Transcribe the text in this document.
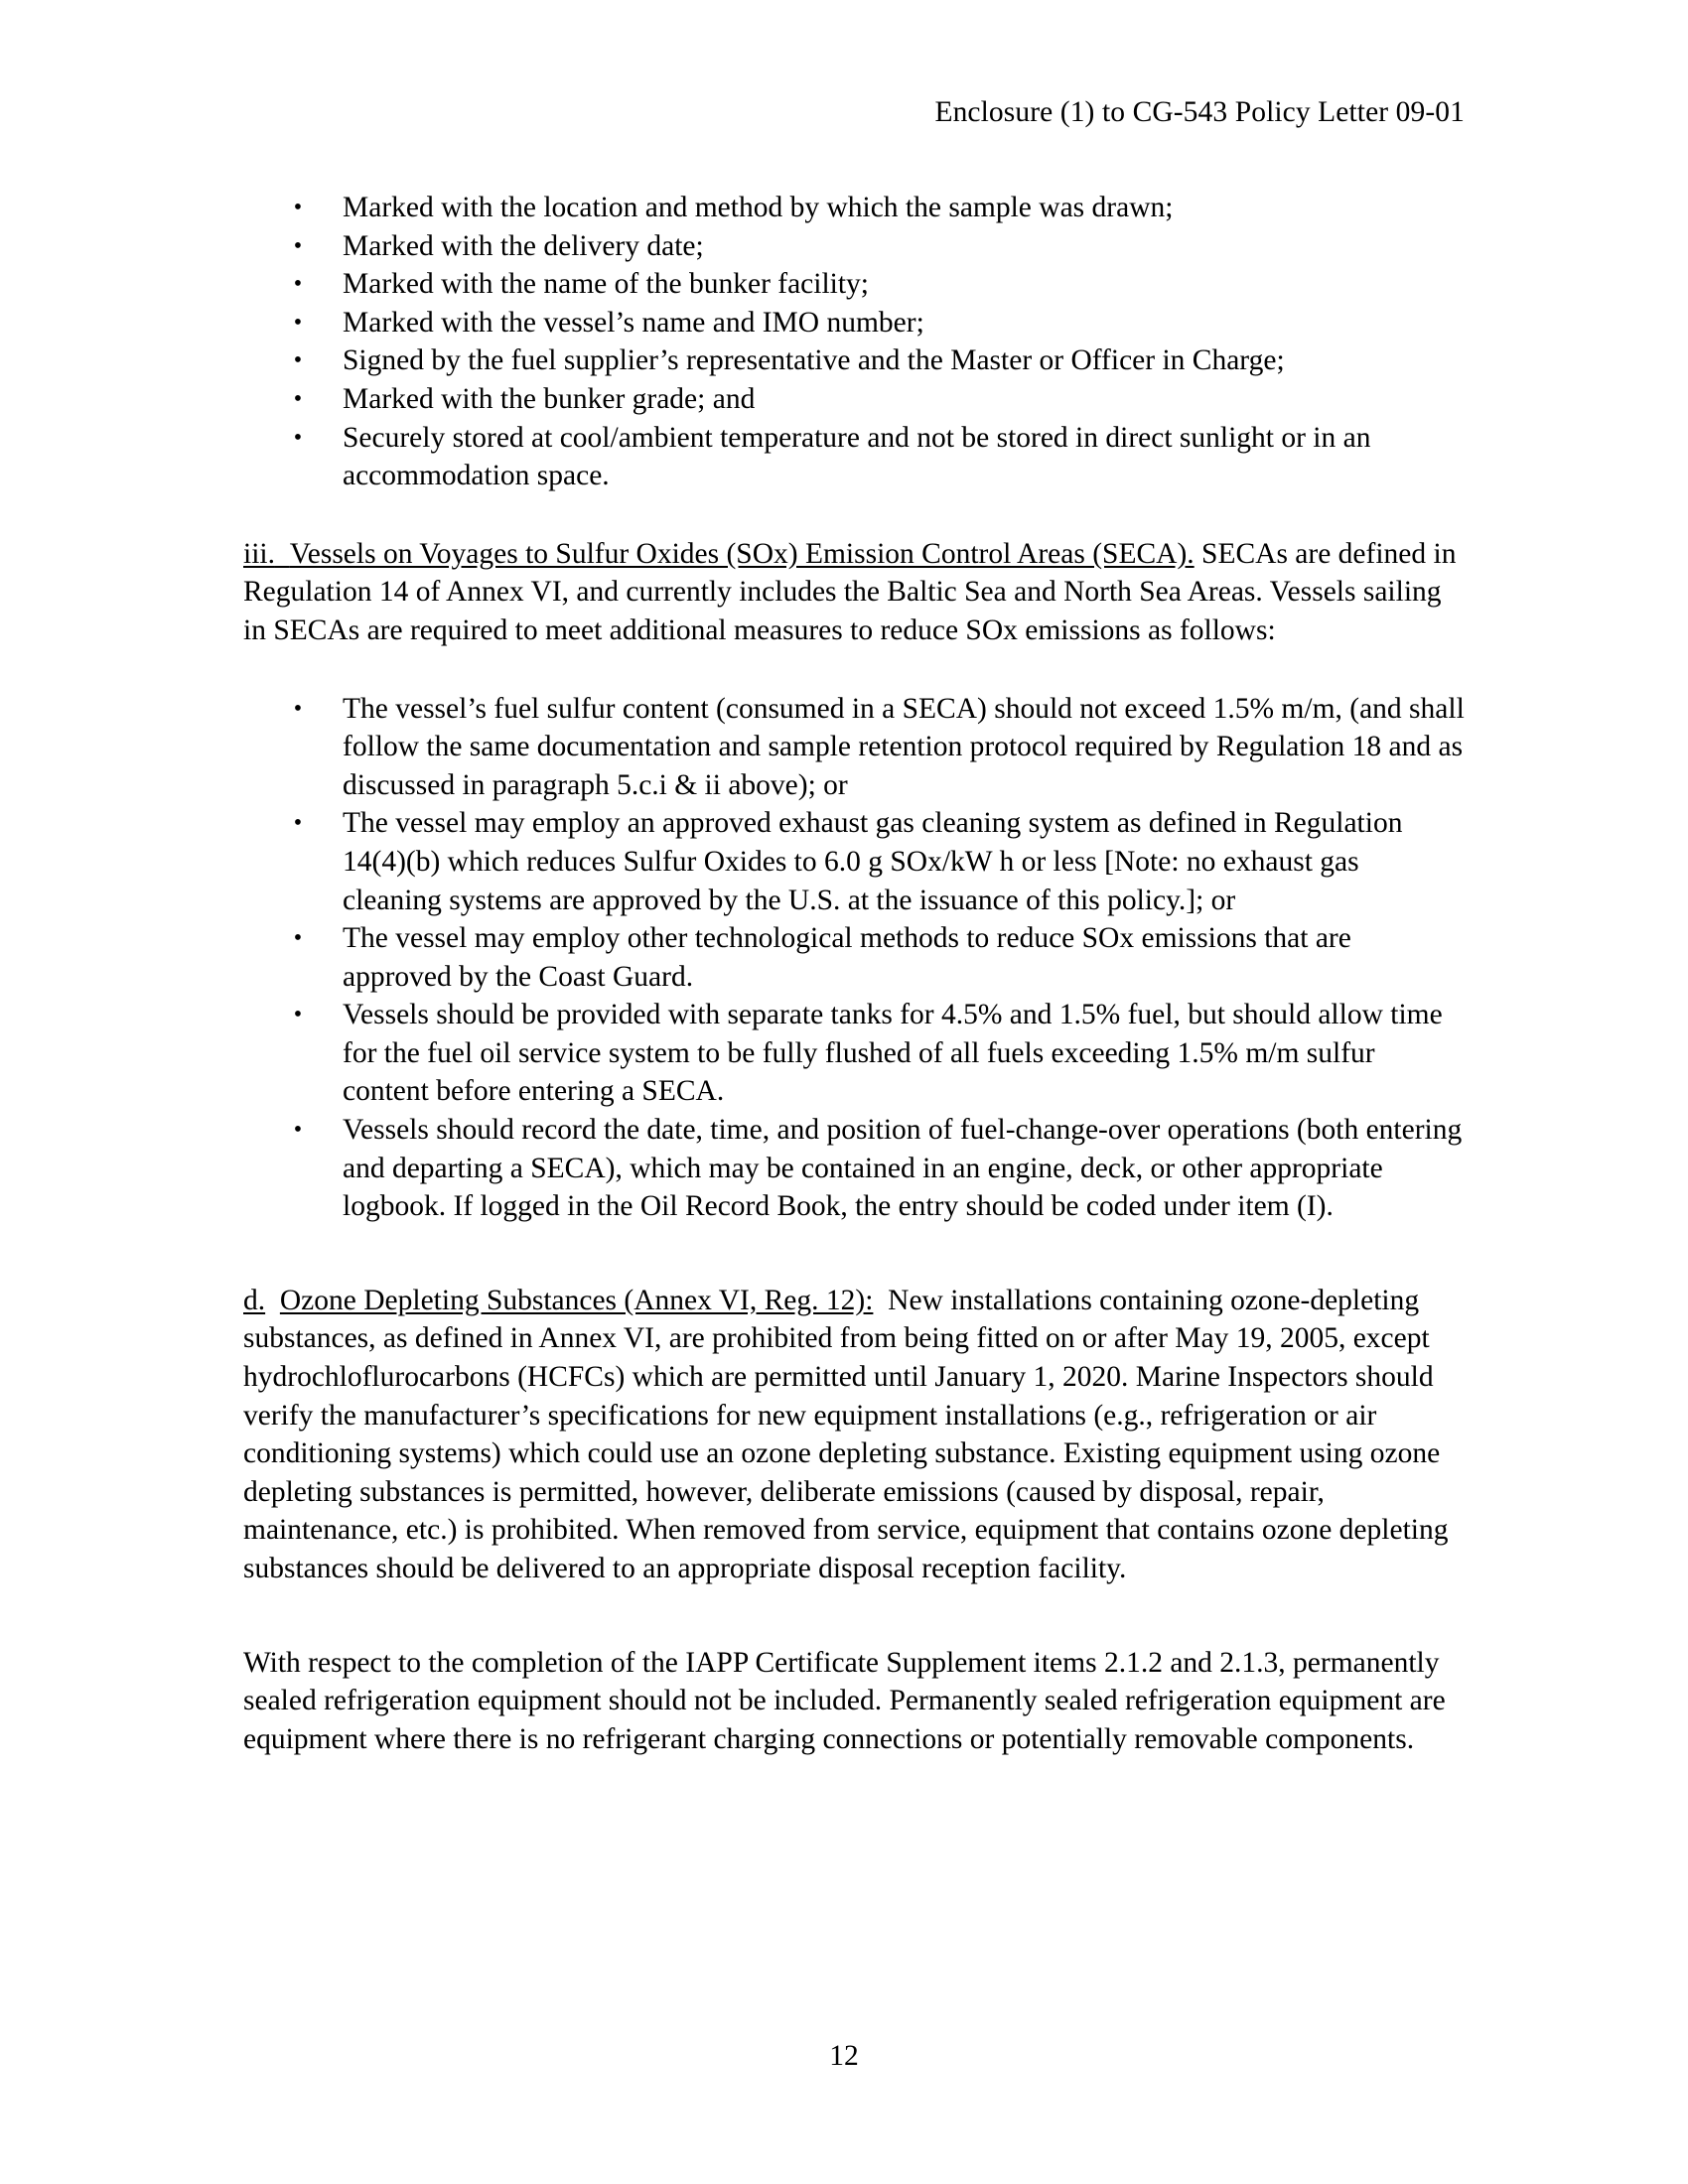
Enclosure (1) to CG-543 Policy Letter 09-01
• Marked with the location and method by which the sample was drawn;
• Marked with the delivery date;
• Marked with the name of the bunker facility;
• Marked with the vessel’s name and IMO number;
• Signed by the fuel supplier’s representative and the Master or Officer in Charge;
• Marked with the bunker grade; and
• Securely stored at cool/ambient temperature and not be stored in direct sunlight or in an accommodation space.
iii. Vessels on Voyages to Sulfur Oxides (SOx) Emission Control Areas (SECA). SECAs are defined in Regulation 14 of Annex VI, and currently includes the Baltic Sea and North Sea Areas. Vessels sailing in SECAs are required to meet additional measures to reduce SOx emissions as follows:
• The vessel’s fuel sulfur content (consumed in a SECA) should not exceed 1.5% m/m, (and shall follow the same documentation and sample retention protocol required by Regulation 18 and as discussed in paragraph 5.c.i & ii above); or
• The vessel may employ an approved exhaust gas cleaning system as defined in Regulation 14(4)(b) which reduces Sulfur Oxides to 6.0 g SOx/kW h or less [Note: no exhaust gas cleaning systems are approved by the U.S. at the issuance of this policy.]; or
• The vessel may employ other technological methods to reduce SOx emissions that are approved by the Coast Guard.
• Vessels should be provided with separate tanks for 4.5% and 1.5% fuel, but should allow time for the fuel oil service system to be fully flushed of all fuels exceeding 1.5% m/m sulfur content before entering a SECA.
• Vessels should record the date, time, and position of fuel-change-over operations (both entering and departing a SECA), which may be contained in an engine, deck, or other appropriate logbook. If logged in the Oil Record Book, the entry should be coded under item (I).
d. Ozone Depleting Substances (Annex VI, Reg. 12): New installations containing ozone-depleting substances, as defined in Annex VI, are prohibited from being fitted on or after May 19, 2005, except hydrochloflurocarbons (HCFCs) which are permitted until January 1, 2020. Marine Inspectors should verify the manufacturer’s specifications for new equipment installations (e.g., refrigeration or air conditioning systems) which could use an ozone depleting substance. Existing equipment using ozone depleting substances is permitted, however, deliberate emissions (caused by disposal, repair, maintenance, etc.) is prohibited. When removed from service, equipment that contains ozone depleting substances should be delivered to an appropriate disposal reception facility.
With respect to the completion of the IAPP Certificate Supplement items 2.1.2 and 2.1.3, permanently sealed refrigeration equipment should not be included. Permanently sealed refrigeration equipment are equipment where there is no refrigerant charging connections or potentially removable components.
12
